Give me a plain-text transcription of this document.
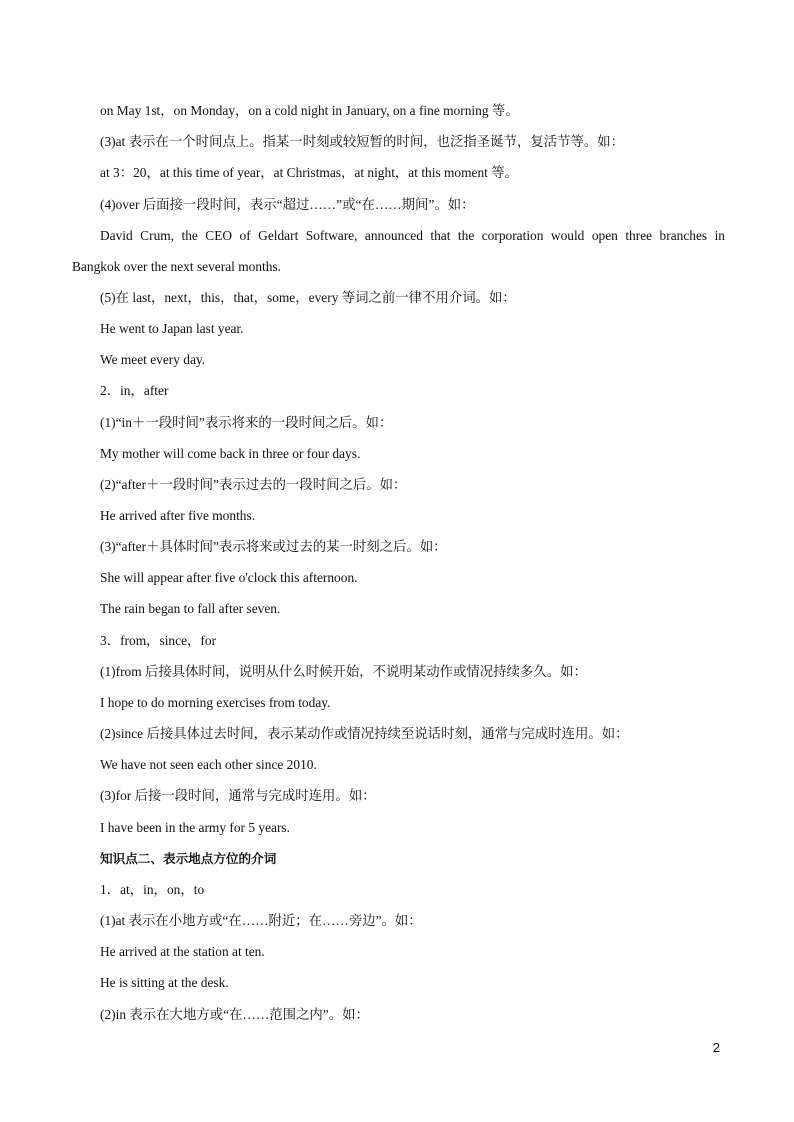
on May 1st，on Monday，on a cold night in January, on a fine morning 等。
(3)at 表示在一个时间点上。指某一时刻或较短暂的时间，也泛指圣诞节，复活节等。如：
at 3：20，at this time of year，at Christmas，at night，at this moment 等。
(4)over 后面接一段时间，表示“超过……”或“在……期间”。如：
David Crum, the CEO of Geldart Software, announced that the corporation would open three branches in
Bangkok over the next several months.
(5)在 last，next，this，that，some，every 等词之前一律不用介词。如：
He went to Japan last year.
We meet every day.
2．in，after
(1)“in＋一段时间”表示将来的一段时间之后。如：
My mother will come back in three or four days.
(2)“after＋一段时间”表示过去的一段时间之后。如：
He arrived after five months.
(3)“after＋具体时间”表示将来或过去的某一时刻之后。如：
She will appear after five o'clock this afternoon.
The rain began to fall after seven.
3．from，since，for
(1)from 后接具体时间，说明从什么时候开始，不说明某动作或情况持续多久。如：
I hope to do morning exercises from today.
(2)since 后接具体过去时间，表示某动作或情况持续至说话时刻，通常与完成时连用。如：
We have not seen each other since 2010.
(3)for 后接一段时间，通常与完成时连用。如：
I have been in the army for 5 years.
知识点二、表示地点方位的介词
1．at，in，on，to
(1)at 表示在小地方或“在……附近；在……旁边”。如：
He arrived at the station at ten.
He is sitting at the desk.
(2)in 表示在大地方或“在……范围之内”。如：
2
